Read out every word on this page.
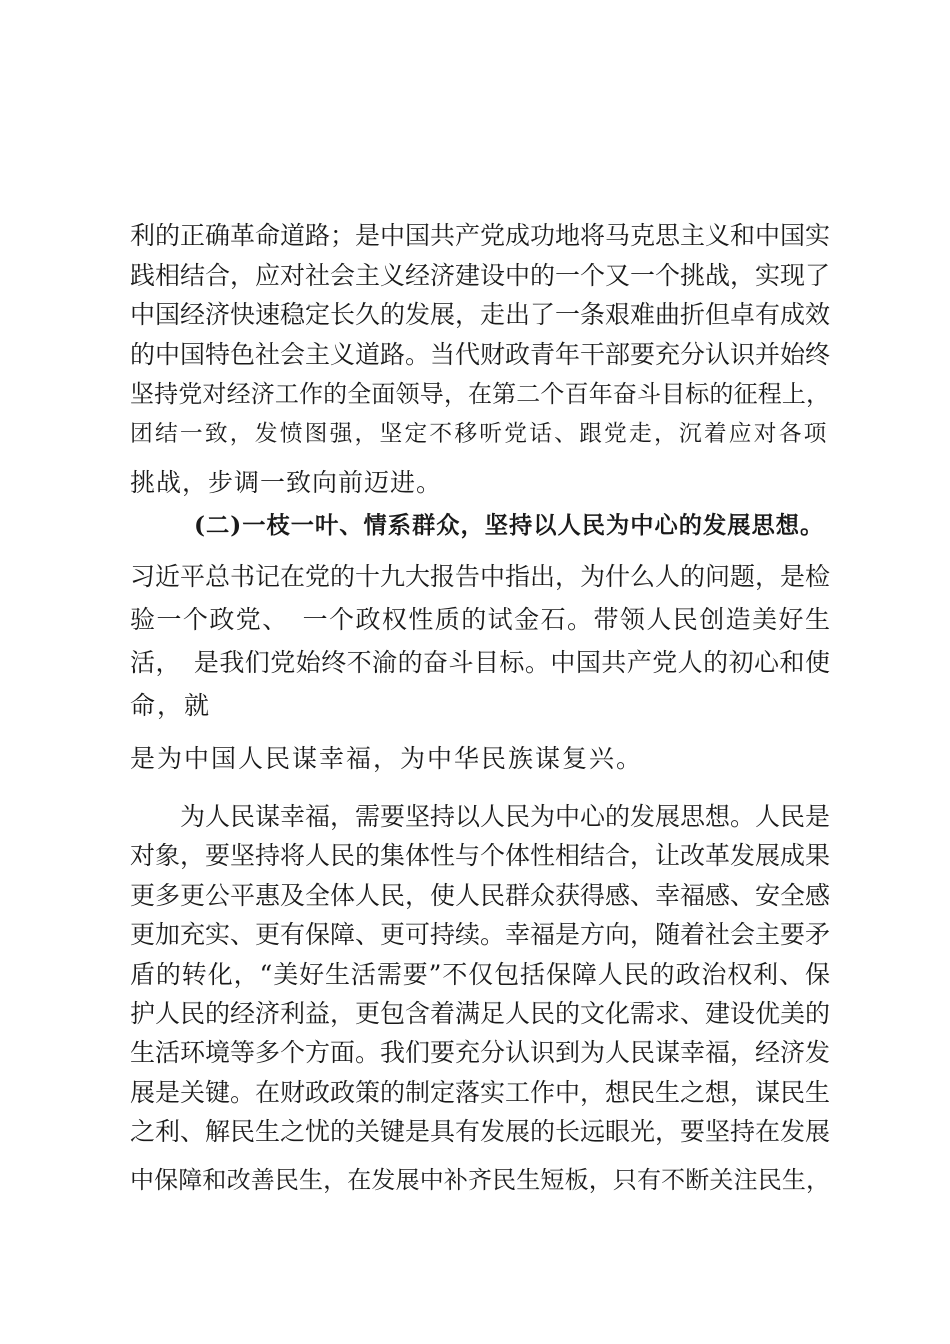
利的正确革命道路；是中国共产党成功地将马克思主义和中国实
践相结合，应对社会主义经济建设中的一个又一个挑战，实现了
中国经济快速稳定长久的发展，走出了一条艰难曲折但卓有成效
的中国特色社会主义道路。当代财政青年干部要充分认识并始终
坚持党对经济工作的全面领导，在第二个百年奋斗目标的征程上，
团结一致，发愤图强，坚定不移听党话、跟党走，沉着应对各项
挑战，步调一致向前迈进。
(二)一枝一叶、情系群众，坚持以人民为中心的发展思想。
习近平总书记在党的十九大报告中指出，为什么人的问题，是检
验一个政党、　一个政权性质的试金石。带领人民创造美好生
活，　是我们党始终不渝的奋斗目标。中国共产党人的初心和使
命，就
是为中国人民谋幸福，为中华民族谋复兴。
　　为人民谋幸福，需要坚持以人民为中心的发展思想。人民是
对象，要坚持将人民的集体性与个体性相结合，让改革发展成果
更多更公平惠及全体人民，使人民群众获得感、幸福感、安全感
更加充实、更有保障、更可持续。幸福是方向，随着社会主要矛
盾的转化，“美好生活需要”不仅包括保障人民的政治权利、保
护人民的经济利益，更包含着满足人民的文化需求、建设优美的
生活环境等多个方面。我们要充分认识到为人民谋幸福，经济发
展是关键。在财政政策的制定落实工作中，想民生之想，谋民生
之利、解民生之忧的关键是具有发展的长远眼光，要坚持在发展
中保障和改善民生，在发展中补齐民生短板，只有不断关注民生，
